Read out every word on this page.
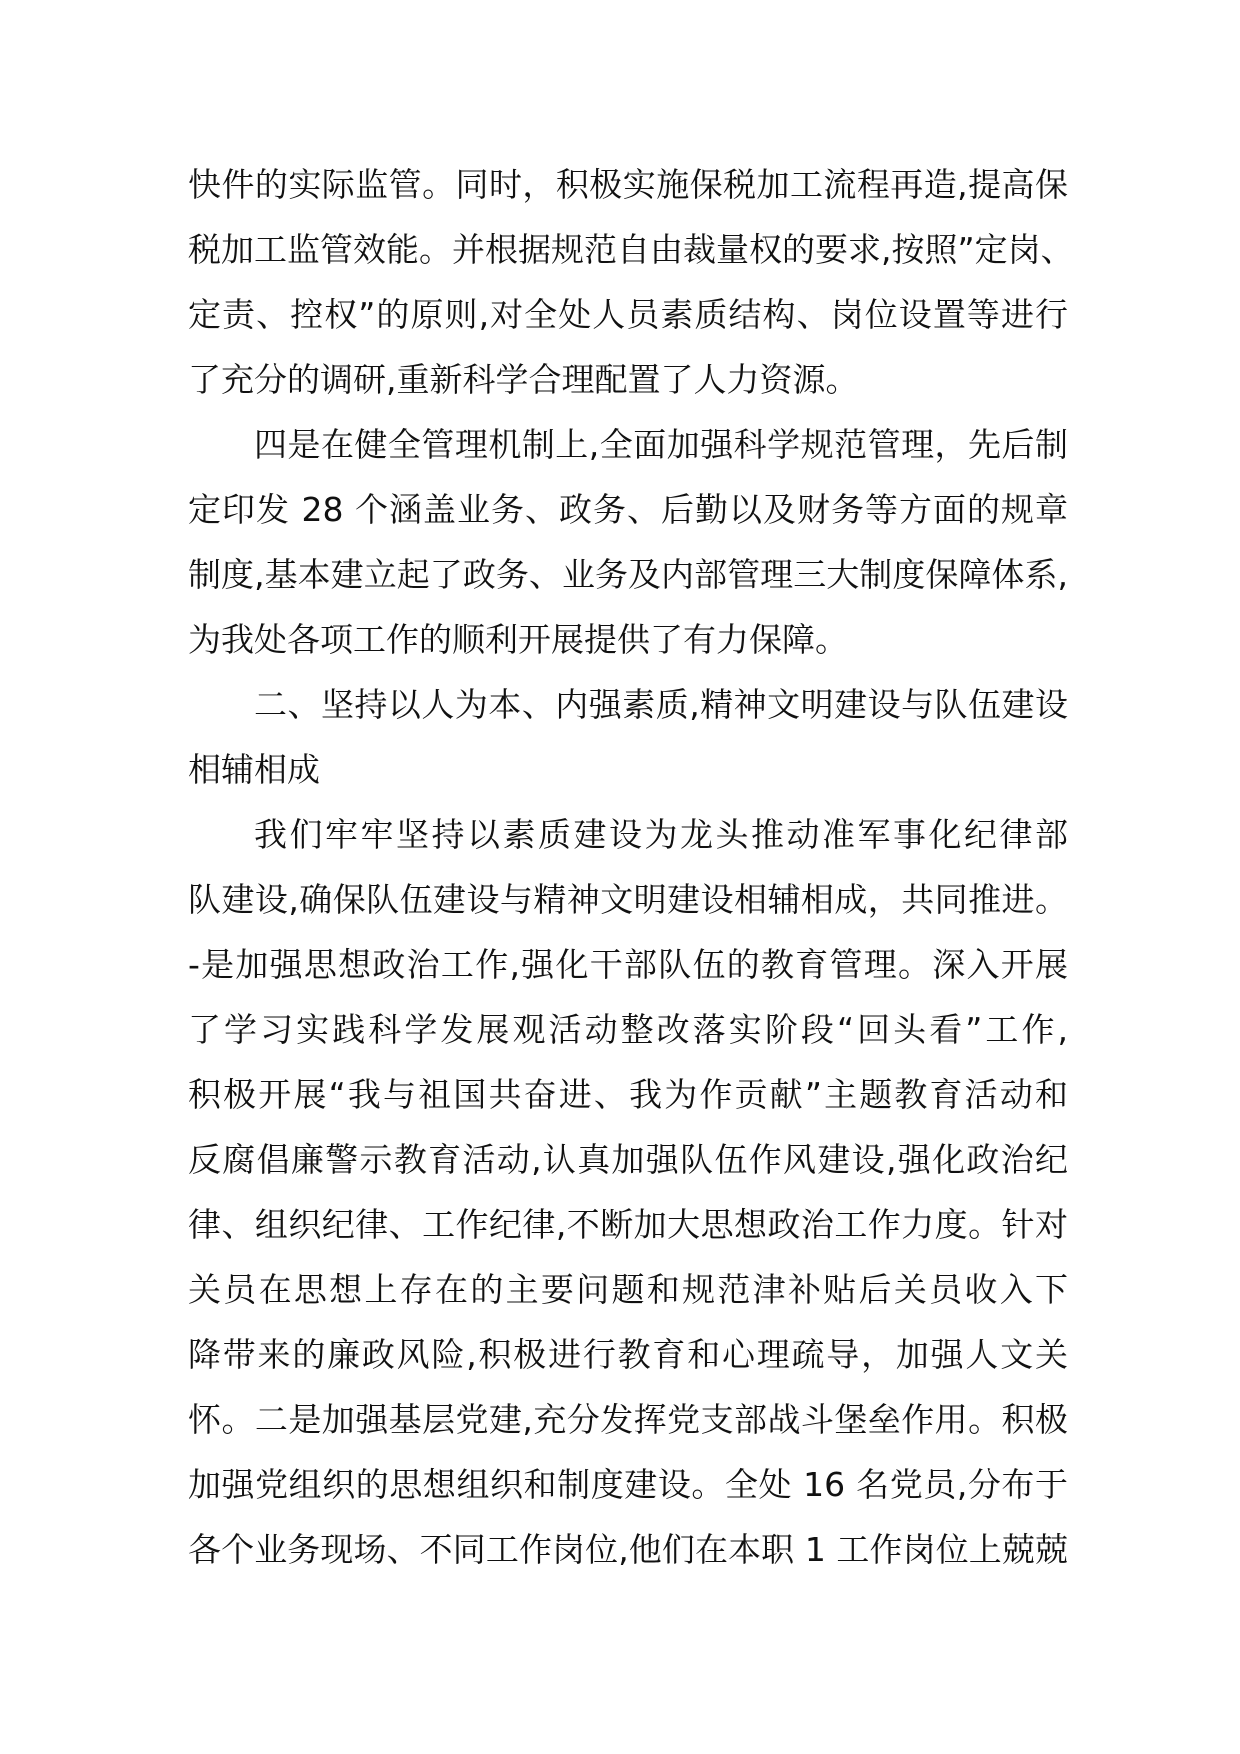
快件的实际监管。同时，积极实施保税加工流程再造,提高保
税加工监管效能。并根据规范自由裁量权的要求,按照”定岗、
定责、控权”的原则,对全处人员素质结构、岗位设置等进行
了充分的调研,重新科学合理配置了人力资源。
四是在健全管理机制上,全面加强科学规范管理，先后制
定印发 28 个涵盖业务、政务、后勤以及财务等方面的规章
制度,基本建立起了政务、业务及内部管理三大制度保障体系,
为我处各项工作的顺利开展提供了有力保障。
二、坚持以人为本、内强素质,精神文明建设与队伍建设
相辅相成
我们牢牢坚持以素质建设为龙头推动准军事化纪律部
队建设,确保队伍建设与精神文明建设相辅相成，共同推进。
-是加强思想政治工作,强化干部队伍的教育管理。深入开展
了学习实践科学发展观活动整改落实阶段“回头看”工作,
积极开展“我与祖国共奋进、我为作贡献”主题教育活动和
反腐倡廉警示教育活动,认真加强队伍作风建设,强化政治纪
律、组织纪律、工作纪律,不断加大思想政治工作力度。针对
关员在思想上存在的主要问题和规范津补贴后关员收入下
降带来的廉政风险,积极进行教育和心理疏导，加强人文关
怀。二是加强基层党建,充分发挥党支部战斗堡垒作用。积极
加强党组织的思想组织和制度建设。全处 16 名党员,分布于
各个业务现场、不同工作岗位,他们在本职 1 工作岗位上兢兢
